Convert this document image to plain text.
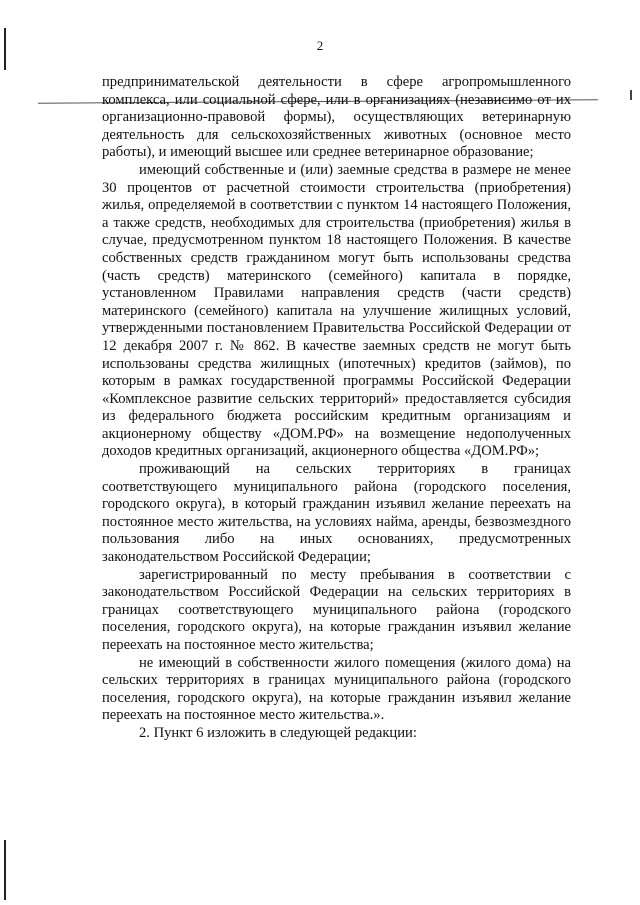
2

предпринимательской деятельности в сфере агропромышленного комплекса, или социальной сфере, или в организациях (независимо от их организационно-правовой формы), осуществляющих ветеринарную деятельность для сельскохозяйственных животных (основное место работы), и имеющий высшее или среднее ветеринарное образование;

имеющий собственные и (или) заемные средства в размере не менее 30 процентов от расчетной стоимости строительства (приобретения) жилья, определяемой в соответствии с пунктом 14 настоящего Положения, а также средств, необходимых для строительства (приобретения) жилья в случае, предусмотренном пунктом 18 настоящего Положения. В качестве собственных средств гражданином могут быть использованы средства (часть средств) материнского (семейного) капитала в порядке, установленном Правилами направления средств (части средств) материнского (семейного) капитала на улучшение жилищных условий, утвержденными постановлением Правительства Российской Федерации от 12 декабря 2007 г. № 862. В качестве заемных средств не могут быть использованы средства жилищных (ипотечных) кредитов (займов), по которым в рамках государственной программы Российской Федерации «Комплексное развитие сельских территорий» предоставляется субсидия из федерального бюджета российским кредитным организациям и акционерному обществу «ДОМ.РФ» на возмещение недополученных доходов кредитных организаций, акционерного общества «ДОМ.РФ»;

проживающий на сельских территориях в границах соответствующего муниципального района (городского поселения, городского округа), в который гражданин изъявил желание переехать на постоянное место жительства, на условиях найма, аренды, безвозмездного пользования либо на иных основаниях, предусмотренных законодательством Российской Федерации;

зарегистрированный по месту пребывания в соответствии с законодательством Российской Федерации на сельских территориях в границах соответствующего муниципального района (городского поселения, городского округа), на которые гражданин изъявил желание переехать на постоянное место жительства;

не имеющий в собственности жилого помещения (жилого дома) на сельских территориях в границах муниципального района (городского поселения, городского округа), на которые гражданин изъявил желание переехать на постоянное место жительства.».

2. Пункт 6 изложить в следующей редакции:
